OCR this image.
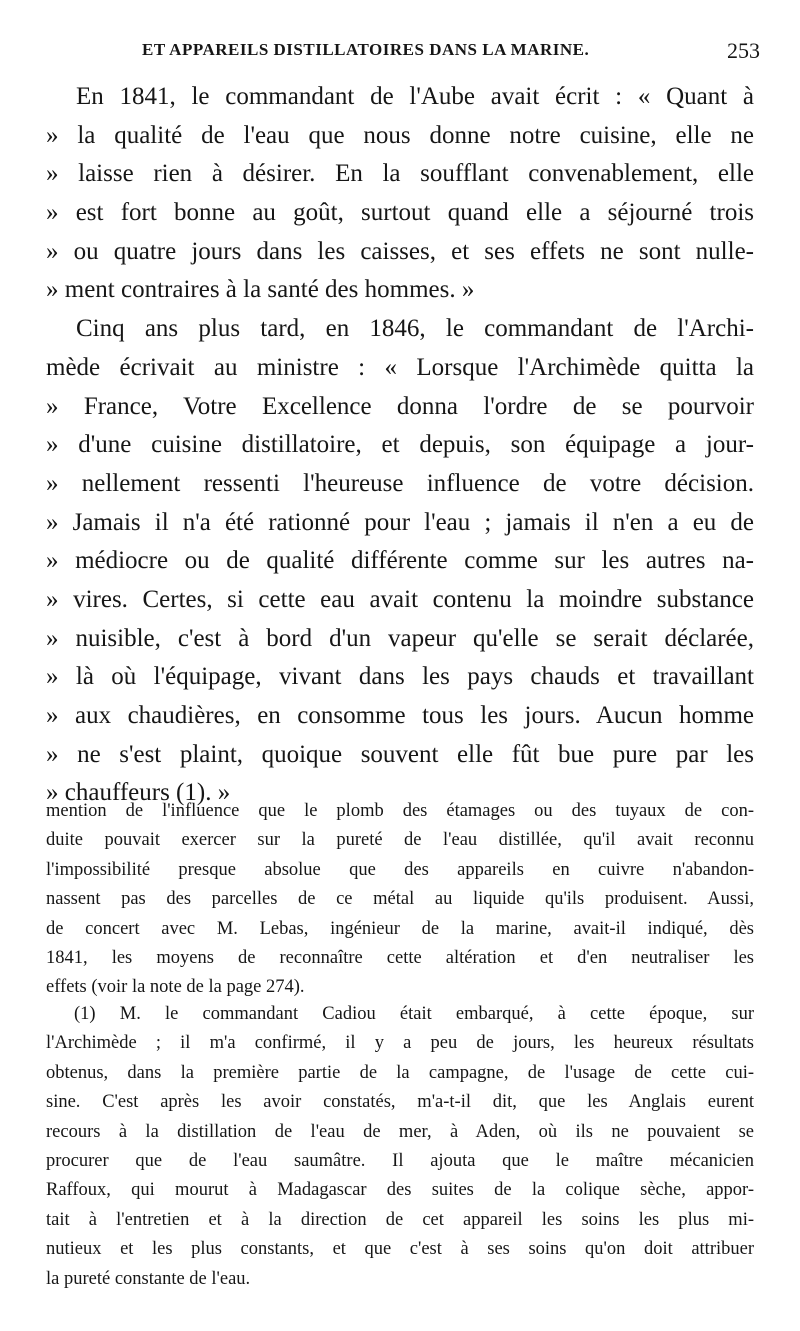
ET APPAREILS DISTILLATOIRES DANS LA MARINE.	253
En 1841, le commandant de l'Aube avait écrit : « Quant à
» la qualité de l'eau que nous donne notre cuisine, elle ne
» laisse rien à désirer. En la soufflant convenablement, elle
» est fort bonne au goût, surtout quand elle a séjourné trois
» ou quatre jours dans les caisses, et ses effets ne sont nulle-
» ment contraires à la santé des hommes. »
Cinq ans plus tard, en 1846, le commandant de l'Archi-
mède écrivait au ministre : « Lorsque l'Archimède quitta la
» France, Votre Excellence donna l'ordre de se pourvoir
» d'une cuisine distillatoire, et depuis, son équipage a jour-
» nellement ressenti l'heureuse influence de votre décision.
» Jamais il n'a été rationné pour l'eau ; jamais il n'en a eu de
» médiocre ou de qualité différente comme sur les autres na-
» vires. Certes, si cette eau avait contenu la moindre substance
» nuisible, c'est à bord d'un vapeur qu'elle se serait déclarée,
» là où l'équipage, vivant dans les pays chauds et travaillant
» aux chaudières, en consomme tous les jours. Aucun homme
» ne s'est plaint, quoique souvent elle fût bue pure par les
» chauffeurs (1). »
mention de l'influence que le plomb des étamages ou des tuyaux de con-
duite pouvait exercer sur la pureté de l'eau distillée, qu'il avait reconnu
l'impossibilité presque absolue que des appareils en cuivre n'abandon-
nassent pas des parcelles de ce métal au liquide qu'ils produisent. Aussi,
de concert avec M. Lebas, ingénieur de la marine, avait-il indiqué, dès
1841, les moyens de reconnaître cette altération et d'en neutraliser les
effets (voir la note de la page 274).
(1) M. le commandant Cadiou était embarqué, à cette époque, sur
l'Archimède ; il m'a confirmé, il y a peu de jours, les heureux résultats
obtenus, dans la première partie de la campagne, de l'usage de cette cui-
sine. C'est après les avoir constatés, m'a-t-il dit, que les Anglais eurent
recours à la distillation de l'eau de mer, à Aden, où ils ne pouvaient se
procurer que de l'eau saumâtre. Il ajouta que le maître mécanicien
Raffoux, qui mourut à Madagascar des suites de la colique sèche, appor-
tait à l'entretien et à la direction de cet appareil les soins les plus mi-
nutieux et les plus constants, et que c'est à ses soins qu'on doit attribuer
la pureté constante de l'eau.
